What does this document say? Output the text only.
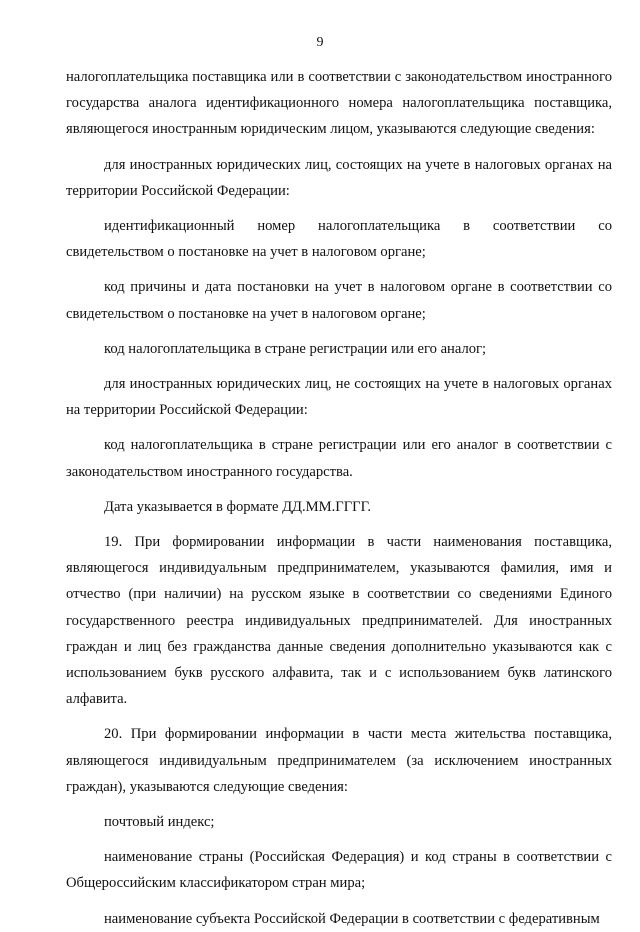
9

налогоплательщика поставщика или в соответствии с законодательством иностранного государства аналога идентификационного номера налогоплательщика поставщика, являющегося иностранным юридическим лицом, указываются следующие сведения:

для иностранных юридических лиц, состоящих на учете в налоговых органах на территории Российской Федерации:

идентификационный номер налогоплательщика в соответствии со свидетельством о постановке на учет в налоговом органе;

код причины и дата постановки на учет в налоговом органе в соответствии со свидетельством о постановке на учет в налоговом органе;

код налогоплательщика в стране регистрации или его аналог;

для иностранных юридических лиц, не состоящих на учете в налоговых органах на территории Российской Федерации:

код налогоплательщика в стране регистрации или его аналог в соответствии с законодательством иностранного государства.

Дата указывается в формате ДД.ММ.ГГГГ.

19. При формировании информации в части наименования поставщика, являющегося индивидуальным предпринимателем, указываются фамилия, имя и отчество (при наличии) на русском языке в соответствии со сведениями Единого государственного реестра индивидуальных предпринимателей. Для иностранных граждан и лиц без гражданства данные сведения дополнительно указываются как с использованием букв русского алфавита, так и с использованием букв латинского алфавита.

20. При формировании информации в части места жительства поставщика, являющегося индивидуальным предпринимателем (за исключением иностранных граждан), указываются следующие сведения:

почтовый индекс;

наименование страны (Российская Федерация) и код страны в соответствии с Общероссийским классификатором стран мира;

наименование субъекта Российской Федерации в соответствии с федеративным
